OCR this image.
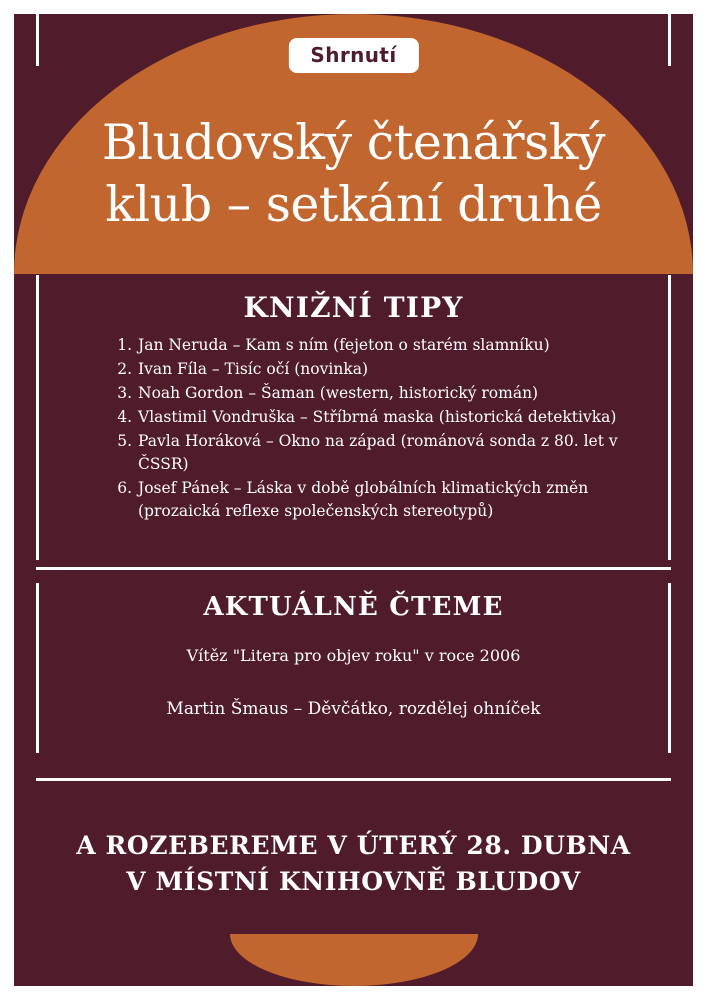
Shrnutí
Bludovský čtenářský
klub – setkání druhé
KNIŽNÍ TIPY
1. Jan Neruda – Kam s ním (fejeton o starém slamníku)
2. Ivan Fíla – Tisíc očí (novinka)
3. Noah Gordon – Šaman (western, historický román)
4. Vlastimil Vondruška – Stříbrná maska (historická detektivka)
5. Pavla Horáková – Okno na západ (románová sonda z 80. let v ČSSR)
6. Josef Pánek – Láska v době globálních klimatických změn (prozaická reflexe společenských stereotypů)
AKTUÁLNĚ ČTEME
Vítěz "Litera pro objev roku" v roce 2006
Martin Šmaus – Děvčátko, rozdělej ohníček
A ROZEBEREME V ÚTERÝ 28. DUBNA
V MÍSTNÍ KNIHOVNĚ BLUDOV
